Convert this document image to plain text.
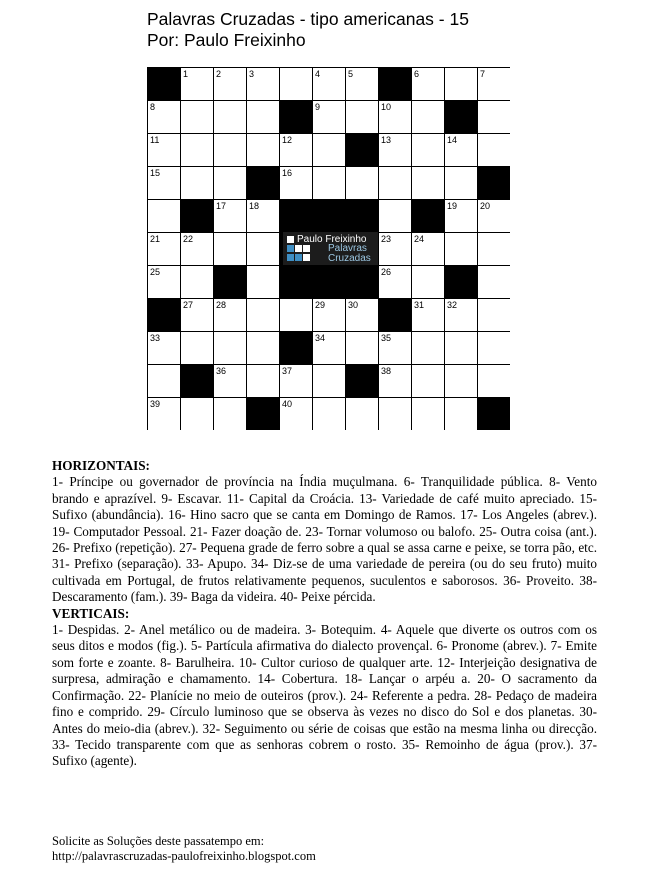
Palavras Cruzadas - tipo americanas - 15
Por: Paulo Freixinho
1	2	3	4	5	6	7
8	9	10
11	12	13	14
15	16
17	18	19	20
21	22	23	24
25	26
27	28	29	30	31	32
33	34	35
36	37	38
39	40
Paulo Freixinho
Palavras
Cruzadas
HORIZONTAIS:

1- Príncipe ou governador de província na Índia muçulmana. 6- Tranquilidade pública. 8- Vento brando e aprazível. 9- Escavar. 11- Capital da Croácia. 13- Variedade de café muito apreciado. 15- Sufixo (abundância). 16- Hino sacro que se canta em Domingo de Ramos. 17- Los Angeles (abrev.). 19- Computador Pessoal. 21- Fazer doação de. 23- Tornar volumoso ou balofo. 25- Outra coisa (ant.). 26- Prefixo (repetição). 27- Pequena grade de ferro sobre a qual se assa carne e peixe, se torra pão, etc. 31- Prefixo (separação). 33- Apupo. 34- Diz-se de uma variedade de pereira (ou do seu fruto) muito cultivada em Portugal, de frutos relativamente pequenos, suculentos e saborosos. 36- Proveito. 38- Descaramento (fam.). 39- Baga da videira. 40- Peixe pércida.

VERTICAIS:

1- Despidas. 2- Anel metálico ou de madeira. 3- Botequim. 4- Aquele que diverte os outros com os seus ditos e modos (fig.). 5- Partícula afirmativa do dialecto provençal. 6- Pronome (abrev.). 7- Emite som forte e zoante. 8- Barulheira. 10- Cultor curioso de qualquer arte. 12- Interjeição designativa de surpresa, admiração e chamamento. 14- Cobertura. 18- Lançar o arpéu a. 20- O sacramento da Confirmação. 22- Planície no meio de outeiros (prov.). 24- Referente a pedra. 28- Pedaço de madeira fino e comprido. 29- Círculo luminoso que se observa às vezes no disco do Sol e dos planetas. 30- Antes do meio-dia (abrev.). 32- Seguimento ou série de coisas que estão na mesma linha ou direcção. 33- Tecido transparente com que as senhoras cobrem o rosto. 35- Remoinho de água (prov.). 37- Sufixo (agente).

Solicite as Soluções deste passatempo em:
http://palavrascruzadas-paulofreixinho.blogspot.com
